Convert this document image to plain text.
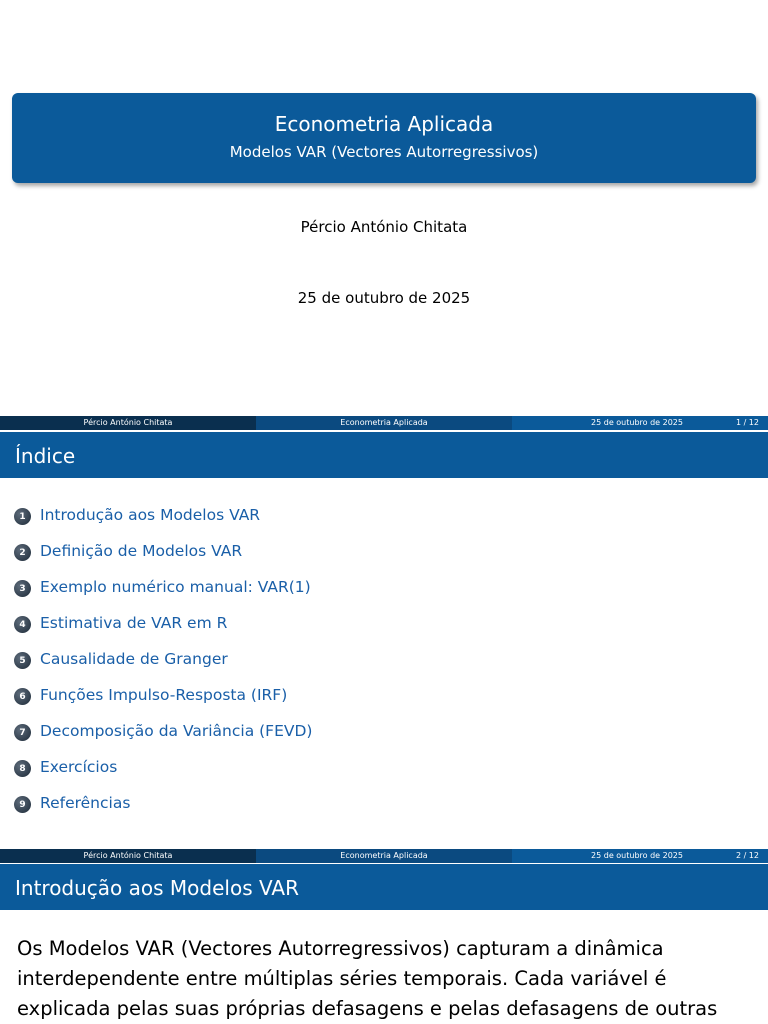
Econometria Aplicada
Modelos VAR (Vectores Autorregressivos)
Pércio António Chitata
25 de outubro de 2025
Pércio António Chitata	Econometria Aplicada	25 de outubro de 2025	1 / 12
Índice
1 Introdução aos Modelos VAR
2 Definição de Modelos VAR
3 Exemplo numérico manual: VAR(1)
4 Estimativa de VAR em R
5 Causalidade de Granger
6 Funções Impulso-Resposta (IRF)
7 Decomposição da Variância (FEVD)
8 Exercícios
9 Referências
Pércio António Chitata	Econometria Aplicada	25 de outubro de 2025	2 / 12
Introdução aos Modelos VAR
Os Modelos VAR (Vectores Autorregressivos) capturam a dinâmica
interdependente entre múltiplas séries temporais. Cada variável é
explicada pelas suas próprias defasagens e pelas defasagens de outras
